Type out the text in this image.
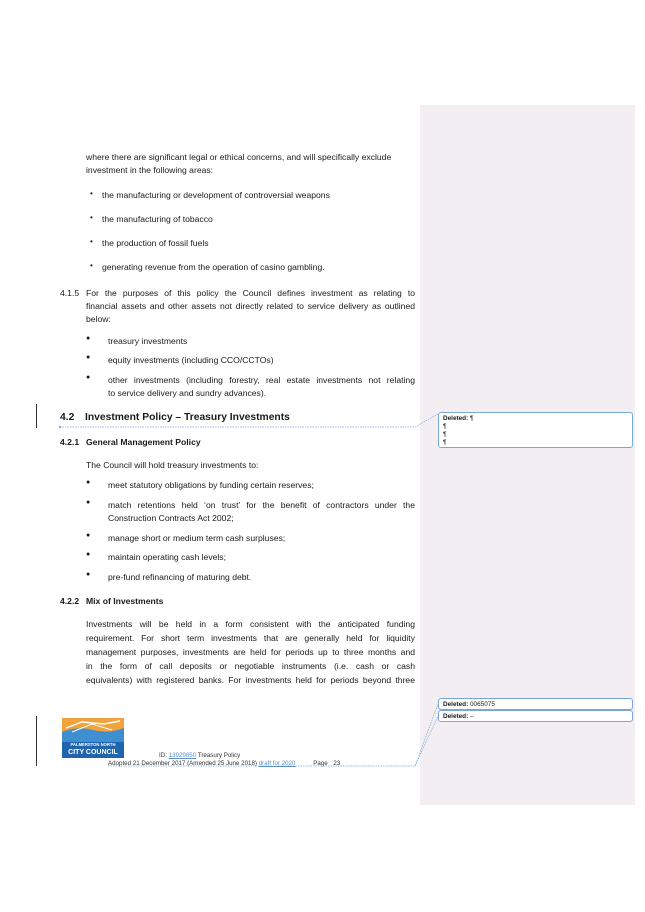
where there are significant legal or ethical concerns, and will specifically exclude
investment in the following areas:
• the manufacturing or development of controversial weapons
• the manufacturing of tobacco
• the production of fossil fuels
• generating revenue from the operation of casino gambling.
4.1.5 For the purposes of this policy the Council defines investment as relating to
financial assets and other assets not directly related to service delivery as outlined
below:
● treasury investments
● equity investments (including CCO/CCTOs)
● other investments (including forestry, real estate investments not relating
to service delivery and sundry advances).
4.2 Investment Policy – Treasury Investments
4.2.1 General Management Policy
The Council will hold treasury investments to:
● meet statutory obligations by funding certain reserves;
● match retentions held ‘on trust’ for the benefit of contractors under the
Construction Contracts Act 2002;
● manage short or medium term cash surpluses;
● maintain operating cash levels;
● pre-fund refinancing of maturing debt.
4.2.2 Mix of Investments
Investments will be held in a form consistent with the anticipated funding
requirement. For short term investments that are generally held for liquidity
management purposes, investments are held for periods up to three months and
in the form of call deposits or negotiable instruments (i.e. cash or cash
equivalents) with registered banks. For investments held for periods beyond three
Deleted: ¶
¶
¶
¶
Deleted: 0065075
Deleted: –
PALMERSTON NORTH
CITY COUNCIL	ID: 13929850 Treasury Policy
Adopted 21 December 2017 (Amended 25 June 2018) draft for 2020	Page 23
